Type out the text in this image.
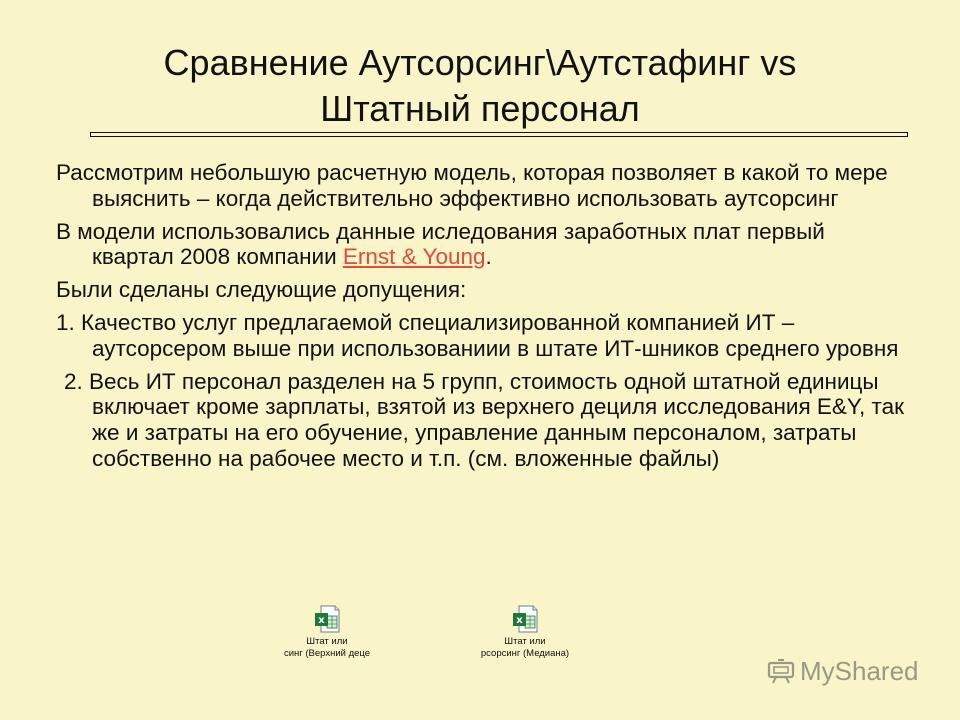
Сравнение Аутсорсинг\Аутстафинг vs
Штатный персонал

Рассмотрим небольшую расчетную модель, которая позволяет в какой то мере выяснить – когда действительно эффективно использовать аутсорсинг

В модели использовались данные иследования заработных плат первый квартал 2008 компании Ernst & Young.

Были сделаны следующие допущения:

1. Качество услуг предлагаемой специализированной компанией ИТ – аутсорсером выше при использованиии в штате ИТ-шников среднего уровня

2. Весь ИТ персонал разделен на 5 групп, стоимость одной штатной единицы включает кроме зарплаты, взятой из верхнего дециля исследования E&Y, так же и затраты на его обучение, управление данным персоналом, затраты собственно на рабочее место и т.п. (см. вложенные файлы)

x
Штат или
синг (Верхний деце
x
Штат или
рсорсинг (Медиана)
MyShared
